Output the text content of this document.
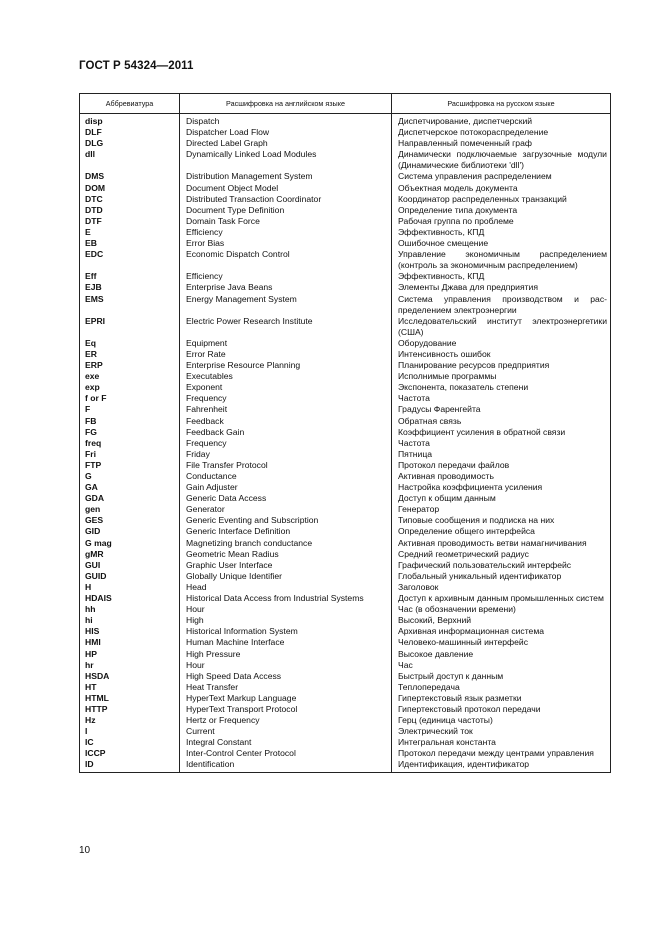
ГОСТ Р 54324—2011
Аббревиатура	Расшифровка на английском языке	Расшифровка на русском языке
disp	Dispatch	Диспетчирование, диспетчерский
DLF	Dispatcher Load Flow	Диспетчерское потокораспределение
DLG	Directed Label Graph	Направленный помеченный граф
dll	Dynamically Linked Load Modules	Динамически подключаемые загрузочные модули (Динамические библиотеки 'dll')
DMS	Distribution Management System	Система управления распределением
DOM	Document Object Model	Объектная модель документа
DTC	Distributed Transaction Coordinator	Координатор распределенных транзакций
DTD	Document Type Definition	Определение типа документа
DTF	Domain Task Force	Рабочая группа по проблеме
E	Efficiency	Эффективность, КПД
EB	Error Bias	Ошибочное смещение
EDC	Economic Dispatch Control	Управление экономичным распределением (контроль за экономичным распределением)
Eff	Efficiency	Эффективность, КПД
EJB	Enterprise Java Beans	Элементы Джава для предприятия
EMS	Energy Management System	Система управления производством и распределением электроэнергии
EPRI	Electric Power Research Institute	Исследовательский институт электроэнергетики (США)
Eq	Equipment	Оборудование
ER	Error Rate	Интенсивность ошибок
ERP	Enterprise Resource Planning	Планирование ресурсов предприятия
exe	Executables	Исполнимые программы
exp	Exponent	Экспонента, показатель степени
f or F	Frequency	Частота
F	Fahrenheit	Градусы Фаренгейта
FB	Feedback	Обратная связь
FG	Feedback Gain	Коэффициент усиления в обратной связи
freq	Frequency	Частота
Fri	Friday	Пятница
FTP	File Transfer Protocol	Протокол передачи файлов
G	Conductance	Активная проводимость
GA	Gain Adjuster	Настройка коэффициента усиления
GDA	Generic Data Access	Доступ к общим данным
gen	Generator	Генератор
GES	Generic Eventing and Subscription	Типовые сообщения и подписка на них
GID	Generic Interface Definition	Определение общего интерфейса
G mag	Magnetizing branch conductance	Активная проводимость ветви намагничивания
gMR	Geometric Mean Radius	Средний геометрический радиус
GUI	Graphic User Interface	Графический пользовательский интерфейс
GUID	Globally Unique Identifier	Глобальный уникальный идентификатор
H	Head	Заголовок
HDAIS	Historical Data Access from Industrial Systems	Доступ к архивным данным промышленных систем
hh	Hour	Час (в обозначении времени)
hi	High	Высокий, Верхний
HIS	Historical Information System	Архивная информационная система
HMI	Human Machine Interface	Человеко-машинный интерфейс
HP	High Pressure	Высокое давление
hr	Hour	Час
HSDA	High Speed Data Access	Быстрый доступ к данным
HT	Heat Transfer	Теплопередача
HTML	HyperText Markup Language	Гипертекстовый язык разметки
HTTP	HyperText Transport Protocol	Гипертекстовый протокол передачи
Hz	Hertz or Frequency	Герц (единица частоты)
I	Current	Электрический ток
IC	Integral Constant	Интегральная константа
ICCP	Inter-Control Center Protocol	Протокол передачи между центрами управления
ID	Identification	Идентификация, идентификатор
10
